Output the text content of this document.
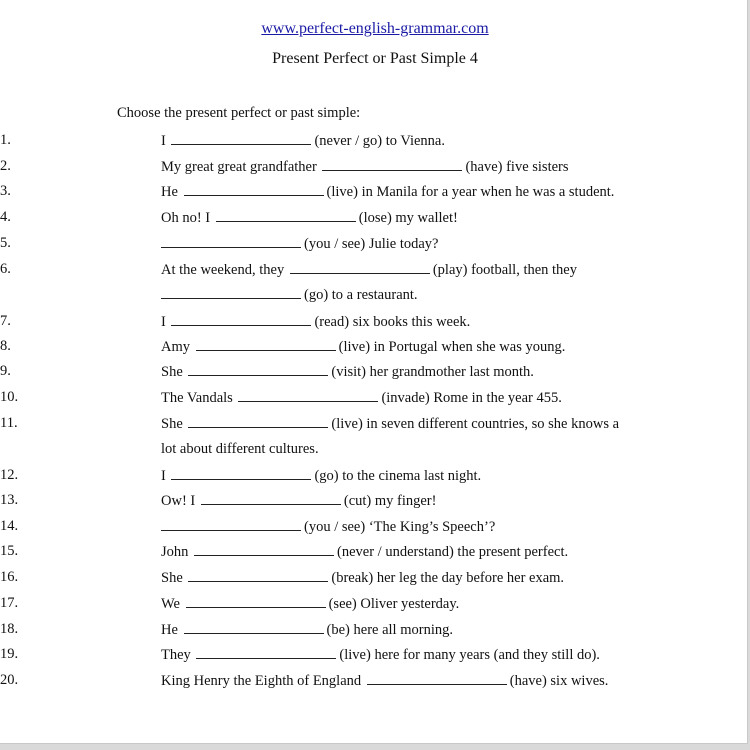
www.perfect-english-grammar.com
Present Perfect or Past Simple 4
Choose the present perfect or past simple:
1.	I	(never / go) to Vienna.
2.	My great great grandfather	(have) five sisters
3.	He	(live) in Manila for a year when he was a student.
4.	Oh no! I	(lose) my wallet!
5.	(you / see) Julie today?
6.	At the weekend, they	(play) football, then they
(go) to a restaurant.
7.	I	(read) six books this week.
8.	Amy	(live) in Portugal when she was young.
9.	She	(visit) her grandmother last month.
10.	The Vandals	(invade) Rome in the year 455.
11.	She	(live) in seven different countries, so she knows a
lot about different cultures.
12.	I	(go) to the cinema last night.
13.	Ow! I	(cut) my finger!
14.	(you / see) ‘The King’s Speech’?
15.	John	(never / understand) the present perfect.
16.	She	(break) her leg the day before her exam.
17.	We	(see) Oliver yesterday.
18.	He	(be) here all morning.
19.	They	(live) here for many years (and they still do).
20.	King Henry the Eighth of England	(have) six wives.
